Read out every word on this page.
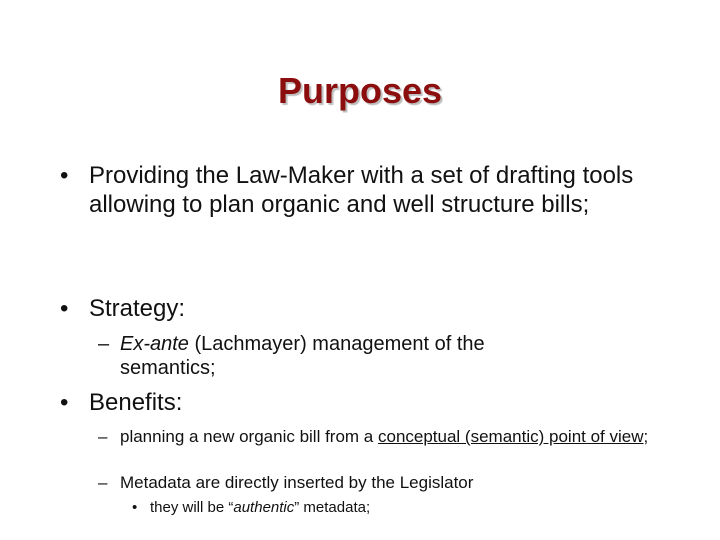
Purposes
• Providing the Law-Maker with a set of drafting tools allowing to plan organic and well structure bills;
• Strategy:
– Ex-ante (Lachmayer) management of the semantics;
• Benefits:
– planning a new organic bill from a conceptual (semantic) point of view;
– Metadata are directly inserted by the Legislator
• they will be “authentic” metadata;
